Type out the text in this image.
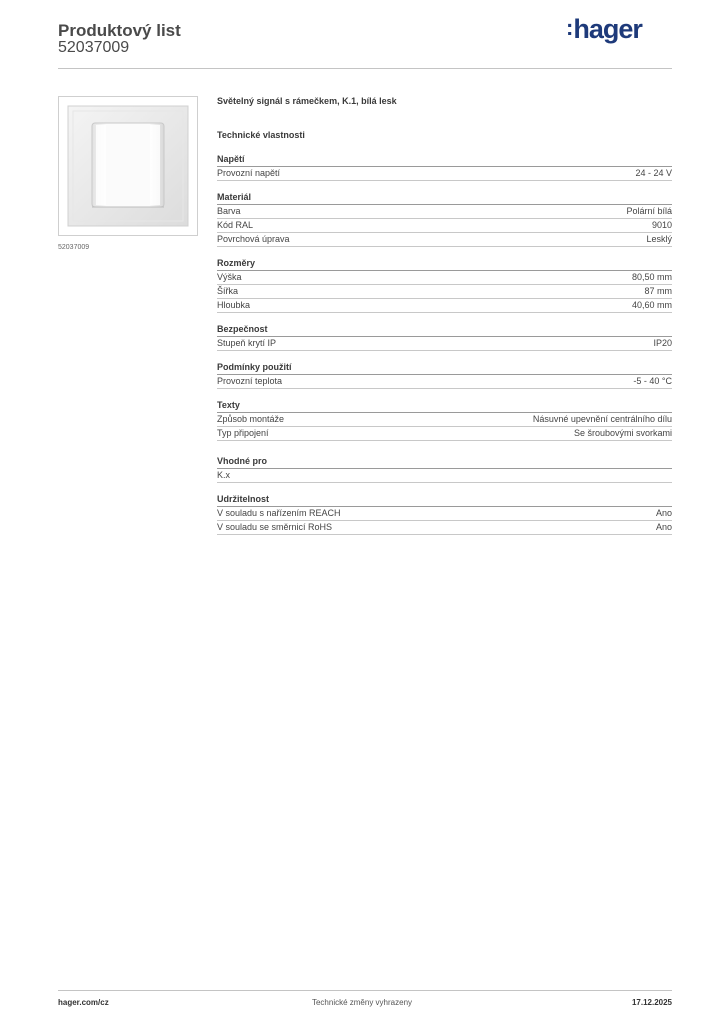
Produktový list
52037009
:hager
52037009
Světelný signál s rámečkem, K.1, bílá lesk
Technické vlastnosti
Napětí
Provozní napětí	24 - 24 V
Materiál
Barva	Polární bílá
Kód RAL	9010
Povrchová úprava	Lesklý
Rozměry
Výška	80,50 mm
Šířka	87 mm
Hloubka	40,60 mm
Bezpečnost
Stupeň krytí IP	IP20
Podmínky použití
Provozní teplota	-5 - 40 °C
Texty
Způsob montáže	Násuvné upevnění centrálního dílu
Typ připojení	Se šroubovými svorkami
Vhodné pro
K.x
Udržitelnost
V souladu s nařízením REACH	Ano
V souladu se směrnicí RoHS	Ano
hager.com/cz	Technické změny vyhrazeny	17.12.2025
